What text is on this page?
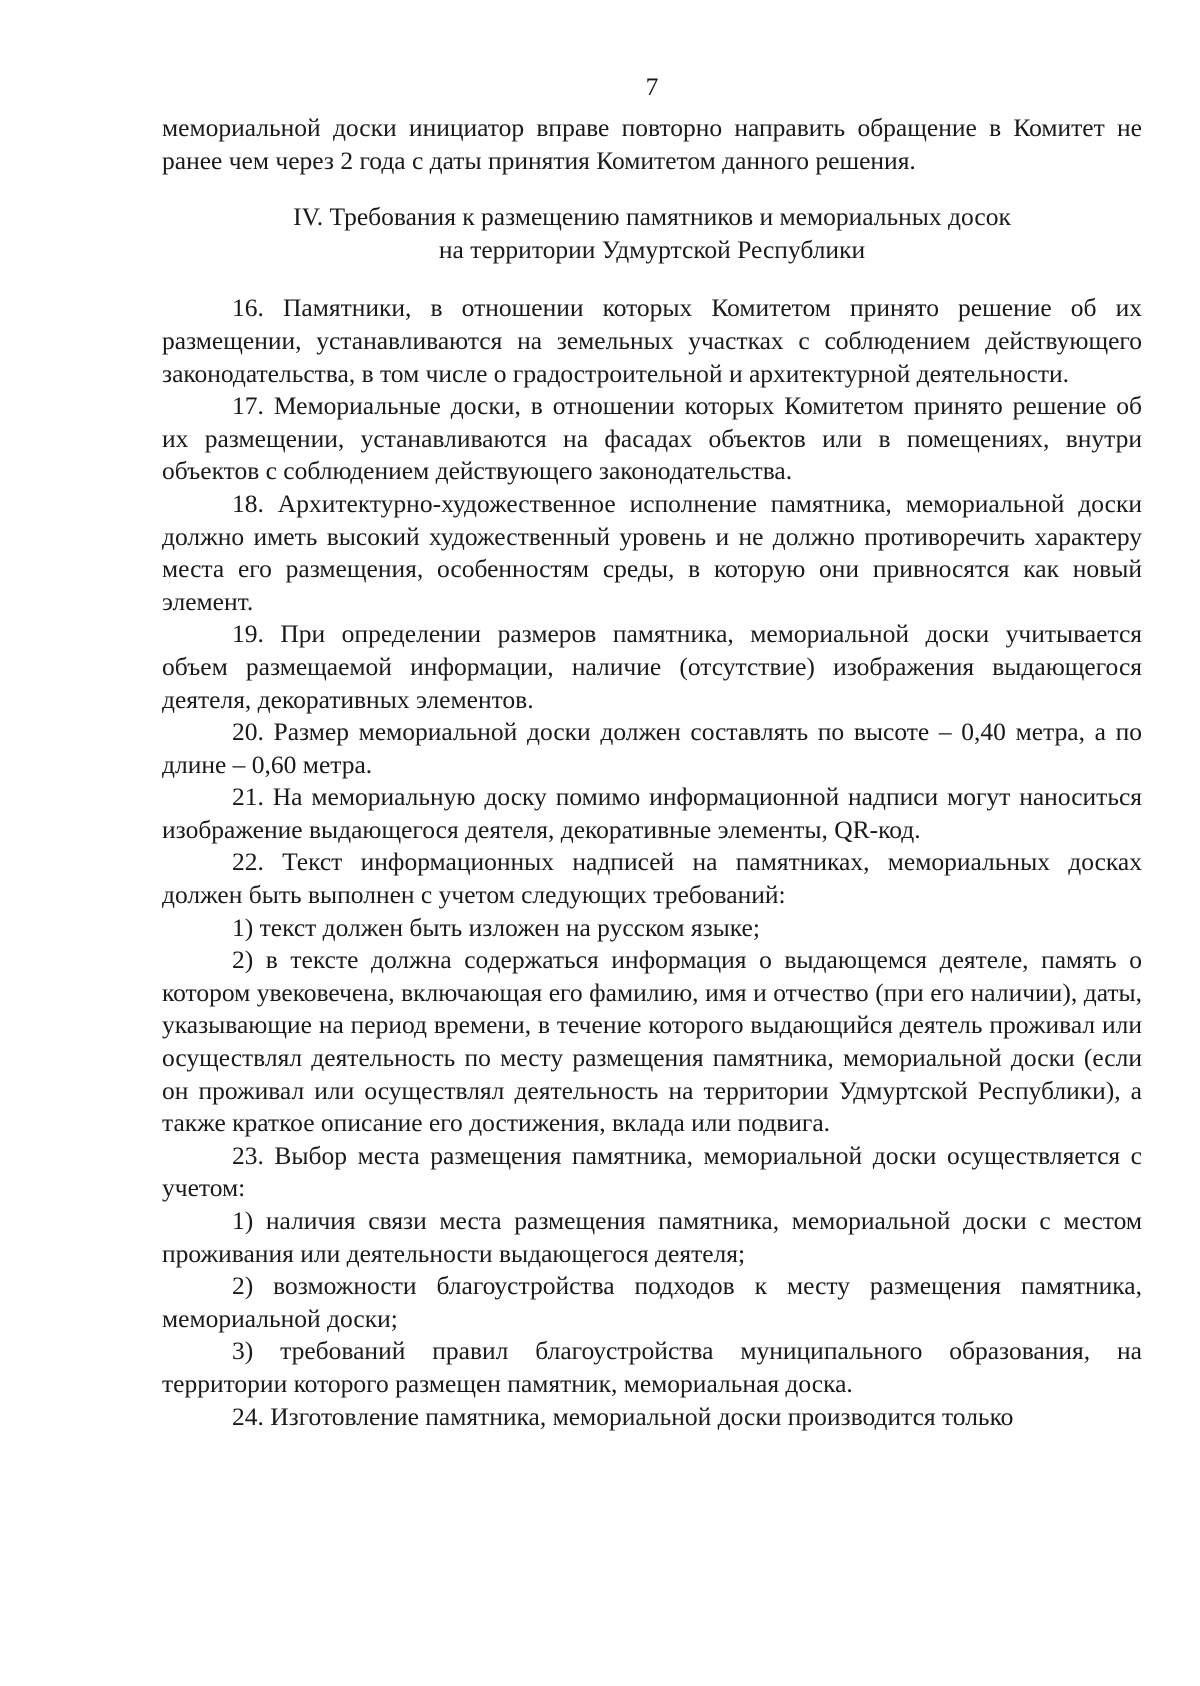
7

мемориальной доски инициатор вправе повторно направить обращение в Комитет не ранее чем через 2 года с даты принятия Комитетом данного решения.

IV. Требования к размещению памятников и мемориальных досок

на территории Удмуртской Республики

16. Памятники, в отношении которых Комитетом принято решение об их размещении, устанавливаются на земельных участках с соблюдением действующего законодательства, в том числе о градостроительной и архитектурной деятельности.

17. Мемориальные доски, в отношении которых Комитетом принято решение об их размещении, устанавливаются на фасадах объектов или в помещениях, внутри объектов с соблюдением действующего законодательства.

18. Архитектурно-художественное исполнение памятника, мемориальной доски должно иметь высокий художественный уровень и не должно противоречить характеру места его размещения, особенностям среды, в которую они привносятся как новый элемент.

19. При определении размеров памятника, мемориальной доски учитывается объем размещаемой информации, наличие (отсутствие) изображения выдающегося деятеля, декоративных элементов.

20. Размер мемориальной доски должен составлять по высоте – 0,40 метра, а по длине – 0,60 метра.

21. На мемориальную доску помимо информационной надписи могут наноситься изображение выдающегося деятеля, декоративные элементы, QR-код.

22. Текст информационных надписей на памятниках, мемориальных досках должен быть выполнен с учетом следующих требований:

1) текст должен быть изложен на русском языке;

2) в тексте должна содержаться информация о выдающемся деятеле, память о котором увековечена, включающая его фамилию, имя и отчество (при его наличии), даты, указывающие на период времени, в течение которого выдающийся деятель проживал или осуществлял деятельность по месту размещения памятника, мемориальной доски (если он проживал или осуществлял деятельность на территории Удмуртской Республики), а также краткое описание его достижения, вклада или подвига.

23. Выбор места размещения памятника, мемориальной доски осуществляется с учетом:

1) наличия связи места размещения памятника, мемориальной доски с местом проживания или деятельности выдающегося деятеля;

2) возможности благоустройства подходов к месту размещения памятника, мемориальной доски;

3) требований правил благоустройства муниципального образования, на территории которого размещен памятник, мемориальная доска.

24. Изготовление памятника, мемориальной доски производится только
